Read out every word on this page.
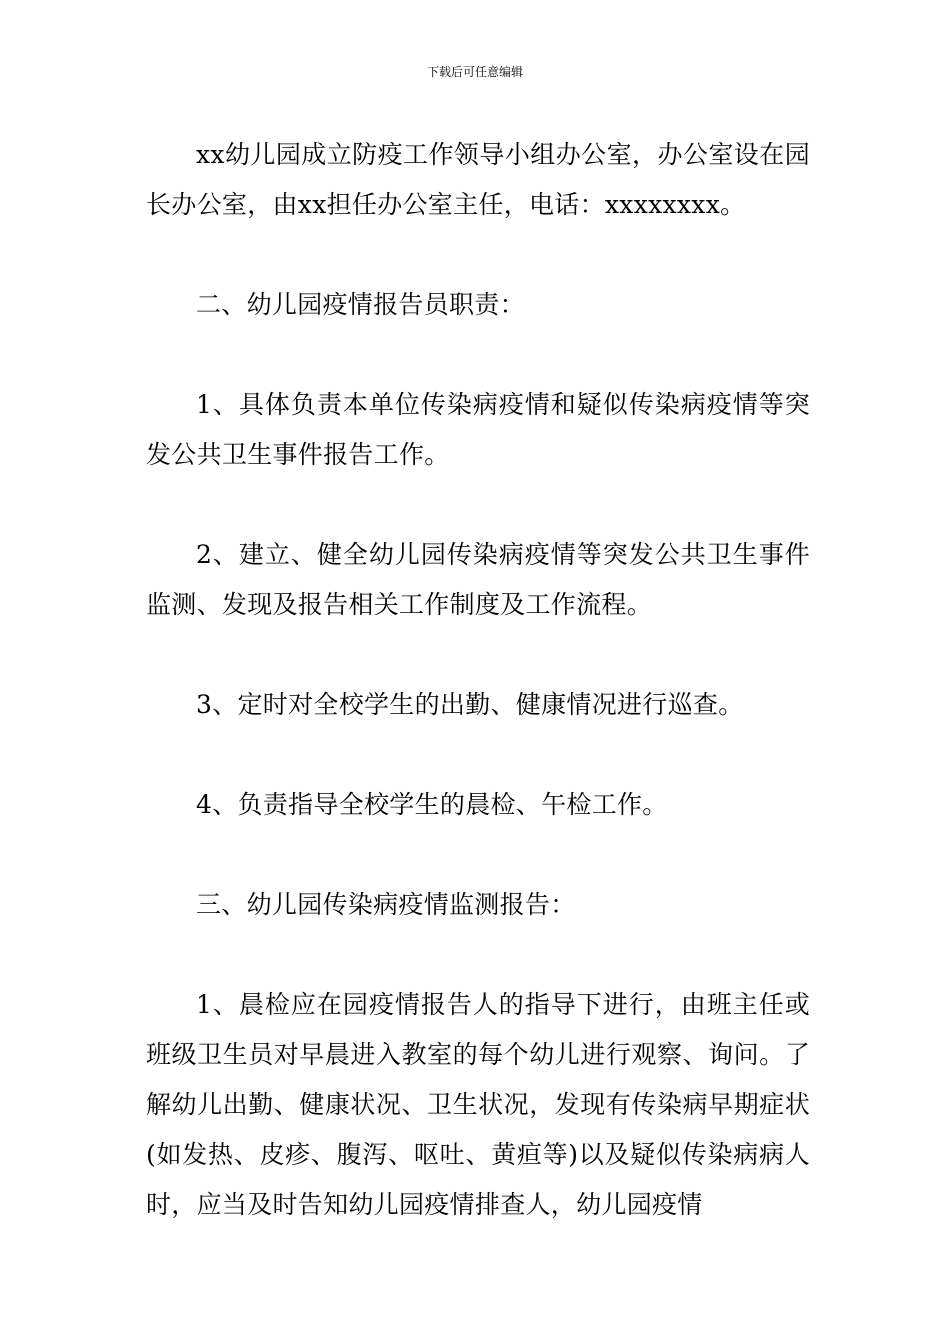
下载后可任意编辑

xx幼儿园成立防疫工作领导小组办公室，办公室设在园长办公室，由xx担任办公室主任，电话：xxxxxxxx。

二、幼儿园疫情报告员职责：

1、具体负责本单位传染病疫情和疑似传染病疫情等突发公共卫生事件报告工作。

2、建立、健全幼儿园传染病疫情等突发公共卫生事件监测、发现及报告相关工作制度及工作流程。

3、定时对全校学生的出勤、健康情况进行巡查。

4、负责指导全校学生的晨检、午检工作。

三、幼儿园传染病疫情监测报告：

1、晨检应在园疫情报告人的指导下进行，由班主任或班级卫生员对早晨进入教室的每个幼儿进行观察、询问。了解幼儿出勤、健康状况、卫生状况，发现有传染病早期症状(如发热、皮疹、腹泻、呕吐、黄疸等)以及疑似传染病病人时，应当及时告知幼儿园疫情排查人，幼儿园疫情
